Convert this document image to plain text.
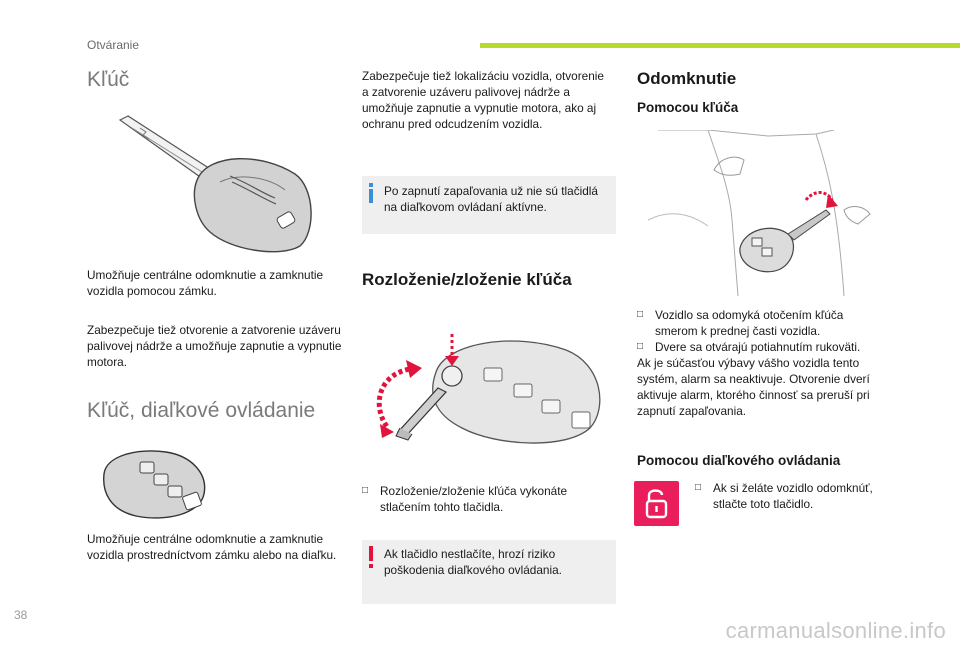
Otváranie
Kľúč
Umožňuje centrálne odomknutie a zamknutie vozidla pomocou zámku.
Zabezpečuje tiež otvorenie a zatvorenie uzáveru palivovej nádrže a umožňuje zapnutie a vypnutie motora.
Kľúč, diaľkové ovládanie
Umožňuje centrálne odomknutie a zamknutie vozidla prostredníctvom zámku alebo na diaľku.
Zabezpečuje tiež lokalizáciu vozidla, otvorenie a zatvorenie uzáveru palivovej nádrže a umožňuje zapnutie a vypnutie motora, ako aj ochranu pred odcudzením vozidla.
Po zapnutí zapaľovania už nie sú tlačidlá na diaľkovom ovládaní aktívne.
Rozloženie/zloženie kľúča
□	Rozloženie/zloženie kľúča vykonáte stlačením tohto tlačidla.
Ak tlačidlo nestlačíte, hrozí riziko poškodenia diaľkového ovládania.
Odomknutie
Pomocou kľúča
□	Vozidlo sa odomyká otočením kľúča smerom k prednej časti vozidla.
□	Dvere sa otvárajú potiahnutím rukoväti.
Ak je súčasťou výbavy vášho vozidla tento systém, alarm sa neaktivuje. Otvorenie dverí aktivuje alarm, ktorého činnosť sa preruší pri zapnutí zapaľovania.
Pomocou diaľkového ovládania
□	Ak si želáte vozidlo odomknúť, stlačte toto tlačidlo.
38
carmanualsonline.info
